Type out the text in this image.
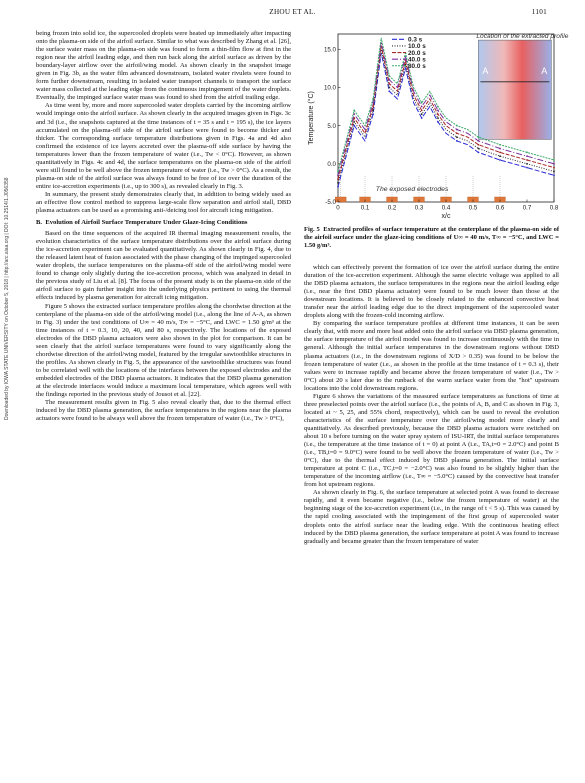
ZHOU ET AL.	1101
Downloaded by IOWA STATE UNIVERSITY on October 5, 2018 | http://arc.aiaa.org | DOI: 10.2514/1.J056358

being frozen into solid ice, the supercooled droplets were heated up immediately after impacting onto the plasma-on side of the airfoil surface. Similar to what was described by Zhang et al. [26], the surface water mass on the plasma-on side was found to form a thin-film flow at first in the region near the airfoil leading edge, and then run back along the airfoil surface as driven by the boundary-layer airflow over the airfoil/wing model. As shown clearly in the snapshot image given in Fig. 3b, as the water film advanced downstream, isolated water rivulets were found to form further downstream, resulting in isolated water transport channels to transport the surface water mass collected at the leading edge from the continuous impingement of the water droplets. Eventually, the impinged surface water mass was found to shed from the airfoil trailing edge.

As time went by, more and more supercooled water droplets carried by the incoming airflow would impinge onto the airfoil surface. As shown clearly in the acquired images given in Figs. 3c and 3d (i.e., the snapshots captured at the time instances of t = 35 s and t = 195 s), the ice layers accumulated on the plasma-off side of the airfoil surface were found to become thicker and thicker. The corresponding surface temperature distributions given in Figs. 4a and 4d also confirmed the existence of ice layers accreted over the plasma-off side surface by having the temperatures lower than the frozen temperature of water (i.e., Tw < 0°C). However, as shown quantitatively in Figs. 4c and 4d, the surface temperatures on the plasma-on side of the airfoil were still found to be well above the frozen temperature of water (i.e., Tw > 0°C). As a result, the plasma-on side of the airfoil surface was always found to be free of ice over the duration of the entire ice-accretion experiments (i.e., up to 300 s), as revealed clearly in Fig. 3.

In summary, the present study demonstrates clearly that, in addition to being widely used as an effective flow control method to suppress large-scale flow separation and airfoil stall, DBD plasma actuators can be used as a promising anti-/deicing tool for aircraft icing mitigation.

B. Evolution of Airfoil Surface Temperature Under Glaze-Icing Conditions

Based on the time sequences of the acquired IR thermal imaging measurement results, the evolution characteristics of the surface temperature distributions over the airfoil surface during the ice-accretion experiment can be evaluated quantitatively. As shown clearly in Fig. 4, due to the released latent heat of fusion associated with the phase changing of the impinged supercooled water droplets, the surface temperatures on the plasma-off side of the airfoil/wing model were found to change only slightly during the ice-accretion process, which was analyzed in detail in the previous study of Liu et al. [8]. The focus of the present study is on the plasma-on side of the airfoil surface to gain further insight into the underlying physics pertinent to using the thermal effects induced by plasma generation for aircraft icing mitigation.

Figure 5 shows the extracted surface temperature profiles along the chordwise direction at the centerplane of the plasma-on side of the airfoil/wing model (i.e., along the line of A-A, as shown in Fig. 3) under the test conditions of U∞ = 40 m/s, T∞ = −5°C, and LWC = 1.50 g/m³ at the time instances of t = 0.3, 10, 20, 40, and 80 s, respectively. The locations of the exposed electrodes of the DBD plasma actuators were also shown in the plot for comparison. It can be seen clearly that the airfoil surface temperatures were found to vary significantly along the chordwise direction of the airfoil/wing model, featured by the irregular sawtoothlike structures in the profiles. As shown clearly in Fig. 5, the appearance of the sawtoothlike structures was found to be correlated well with the locations of the interfaces between the exposed electrodes and the embedded electrodes of the DBD plasma actuators. It indicates that the DBD plasma generation at the electrode interfaces would induce a maximum local temperature, which agrees well with the findings reported in the previous study of Jousot et al. [22].

The measurement results given in Fig. 5 also reveal clearly that, due to the thermal effect induced by the DBD plasma generation, the surface temperatures in the regions near the plasma actuators were found to be always well above the frozen temperature of water (i.e., Tw > 0°C),

A	A
Location of the extracted profile
The exposed electrodes
0.3 s
10.0 s
20.0 s
40.0 s
80.0 s
0	0.1	0.2	0.3	0.4	0.5	0.6	0.7	0.8
-5.0
0.0
5.0
10.0
15.0
x/c
Temperature (°C)
Fig. 5 Extracted profiles of surface temperature at the centerplane of the plasma-on side of the airfoil surface under the glaze-icing conditions of U∞ = 40 m/s, T∞ = −5°C, and LWC = 1.50 g/m³.

which can effectively prevent the formation of ice over the airfoil surface during the entire duration of the ice-accretion experiment. Although the same electric voltage was applied to all the DBD plasma actuators, the surface temperatures in the regions near the airfoil leading edge (i.e., near the first DBD plasma actuator) were found to be much lower than those at the downstream locations. It is believed to be closely related to the enhanced convective heat transfer near the airfoil leading edge due to the direct impingement of the supercooled water droplets along with the frozen-cold incoming airflow.

By comparing the surface temperature profiles at different time instances, it can be seen clearly that, with more and more heat added onto the airfoil surface via DBD plasma generation, the surface temperature of the airfoil model was found to increase continuously with the time in general. Although the initial surface temperatures in the downstream regions without DBD plasma actuators (i.e., in the downstream regions of X/D > 0.35) was found to be below the frozen temperature of water (i.e., as shown in the profile at the time instance of t = 0.3 s), their values were to increase rapidly and became above the frozen temperature of water (i.e., Tw > 0°C) about 20 s later due to the runback of the warm surface water from the "hot" upstream locations into the cold downstream regions.

Figure 6 shows the variations of the measured surface temperatures as functions of time at three preselected points over the airfoil surface (i.e., the points of A, B, and C as shown in Fig. 3, located at ~ 5, 25, and 55% chord, respectively), which can be used to reveal the evolution characteristics of the surface temperature over the airfoil/wing model more clearly and quantitatively. As described previously, because the DBD plasma actuators were switched on about 10 s before turning on the water spray system of ISU-IRT, the initial surface temperatures (i.e., the temperature at the time instance of t = 0) at point A (i.e., TA,t=0 = 2.0°C) and point B (i.e., TB,t=0 = 9.0°C) were found to be well above the frozen temperature of water (i.e., Tw > 0°C), due to the thermal effect induced by DBD plasma generation. The initial surface temperature at point C (i.e., TC,t=0 = −2.0°C) was also found to be slightly higher than the temperature of the incoming airflow (i.e., T∞ = −5.0°C) caused by the convective heat transfer from hot upstream regions.

As shown clearly in Fig. 6, the surface temperature at selected point A was found to decrease rapidly, and it even became negative (i.e., below the frozen temperature of water) at the beginning stage of the ice-accretion experiment (i.e., in the range of t < 5 s). This was caused by the rapid cooling associated with the impingement of the first group of supercooled water droplets onto the airfoil surface near the leading edge. With the continuous heating effect induced by the DBD plasma generation, the surface temperature at point A was found to increase gradually and became greater than the frozen temperature of water
